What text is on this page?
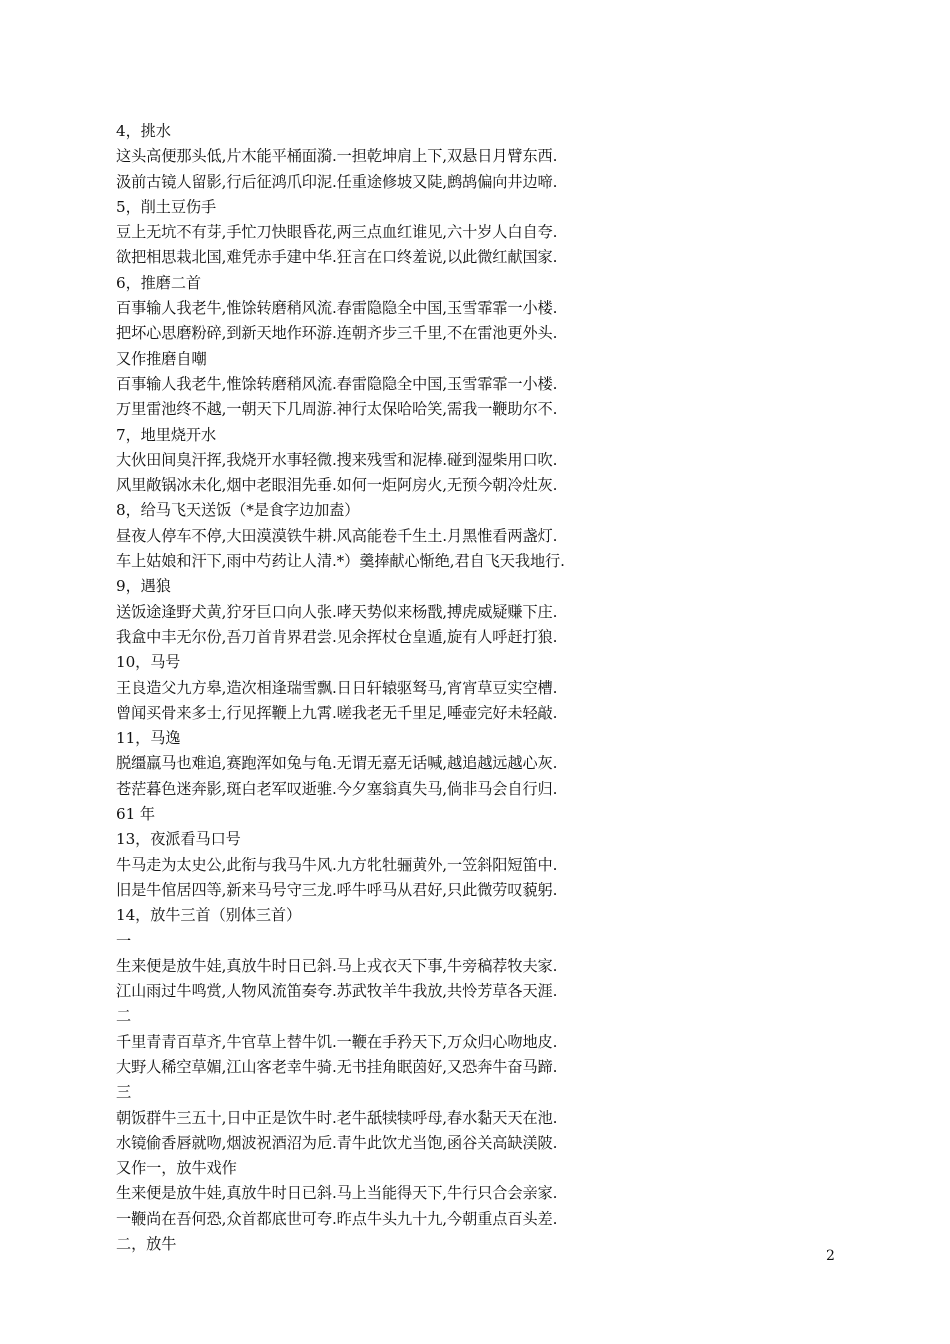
4，挑水
这头高便那头低,片木能平桶面漪.一担乾坤肩上下,双悬日月臂东西.
汲前古镜人留影,行后征鸿爪印泥.任重途修坡又陡,鹧鸪偏向井边啼.
5，削土豆伤手
豆上无坑不有芽,手忙刀快眼昏花,两三点血红谁见,六十岁人白自夸.
欲把相思栽北国,难凭赤手建中华.狂言在口终羞说,以此微红献国家.
6，推磨二首
百事输人我老牛,惟馀转磨稍风流.春雷隐隐全中国,玉雪霏霏一小楼.
把坏心思磨粉碎,到新天地作环游.连朝齐步三千里,不在雷池更外头.
又作推磨自嘲
百事输人我老牛,惟馀转磨稍风流.春雷隐隐全中国,玉雪霏霏一小楼.
万里雷池终不越,一朝天下几周游.神行太保哈哈笑,需我一鞭助尔不.
7，地里烧开水
大伙田间臭汗挥,我烧开水事轻微.搜来残雪和泥棒.碰到湿柴用口吹.
风里敞锅冰未化,烟中老眼泪先垂.如何一炬阿房火,无预今朝冷灶灰.
8，给马飞天送饭（*是食字边加盍）
昼夜人停车不停,大田漠漠铁牛耕.风高能卷千生土.月黑惟看两盏灯.
车上姑娘和汗下,雨中芍药让人清.*）羹捧献心惭绝,君自飞天我地行.
9，遇狼
送饭途逢野犬黄,狞牙巨口向人张.哮天势似来杨戬,搏虎威疑赚下庄.
我盒中丰无尔份,吾刀首肯界君尝.见余挥杖仓皇遁,旋有人呼赶打狼.
10，马号
王良造父九方皋,造次相逢瑞雪飘.日日轩辕驱驽马,宵宵草豆实空槽.
曾闻买骨来多士,行见挥鞭上九霄.嗟我老无千里足,唾壶完好未轻敲.
11，马逸
脱缰羸马也难追,赛跑浑如兔与龟.无谓无嘉无话喊,越追越远越心灰.
苍茫暮色迷奔影,斑白老军叹逝骓.今夕塞翁真失马,倘非马会自行归.
61 年
13，夜派看马口号
牛马走为太史公,此衔与我马牛风.九方牝牡骊黄外,一笠斜阳短笛中.
旧是牛倌居四等,新来马号守三龙.呼牛呼马从君好,只此微劳叹藐躬.
14，放牛三首（别体三首）
一
生来便是放牛娃,真放牛时日已斜.马上戎衣天下事,牛旁稿荐牧夫家.
江山雨过牛鸣赏,人物风流笛奏夸.苏武牧羊牛我放,共怜芳草各天涯.
二
千里青青百草齐,牛官草上替牛饥.一鞭在手矜天下,万众归心吻地皮.
大野人稀空草媚,江山客老幸牛骑.无书挂角眠茵好,又恐奔牛奋马蹄.
三
朝饭群牛三五十,日中正是饮牛时.老牛舐犊犊呼母,春水黏天天在池.
水镜偷香唇就吻,烟波祝酒沼为卮.青牛此饮尤当饱,函谷关高缺渼陂.
又作一，放牛戏作
生来便是放牛娃,真放牛时日已斜.马上当能得天下,牛行只合会亲家.
一鞭尚在吾何恐,众首都底世可夸.昨点牛头九十九,今朝重点百头差.
二，放牛
2
